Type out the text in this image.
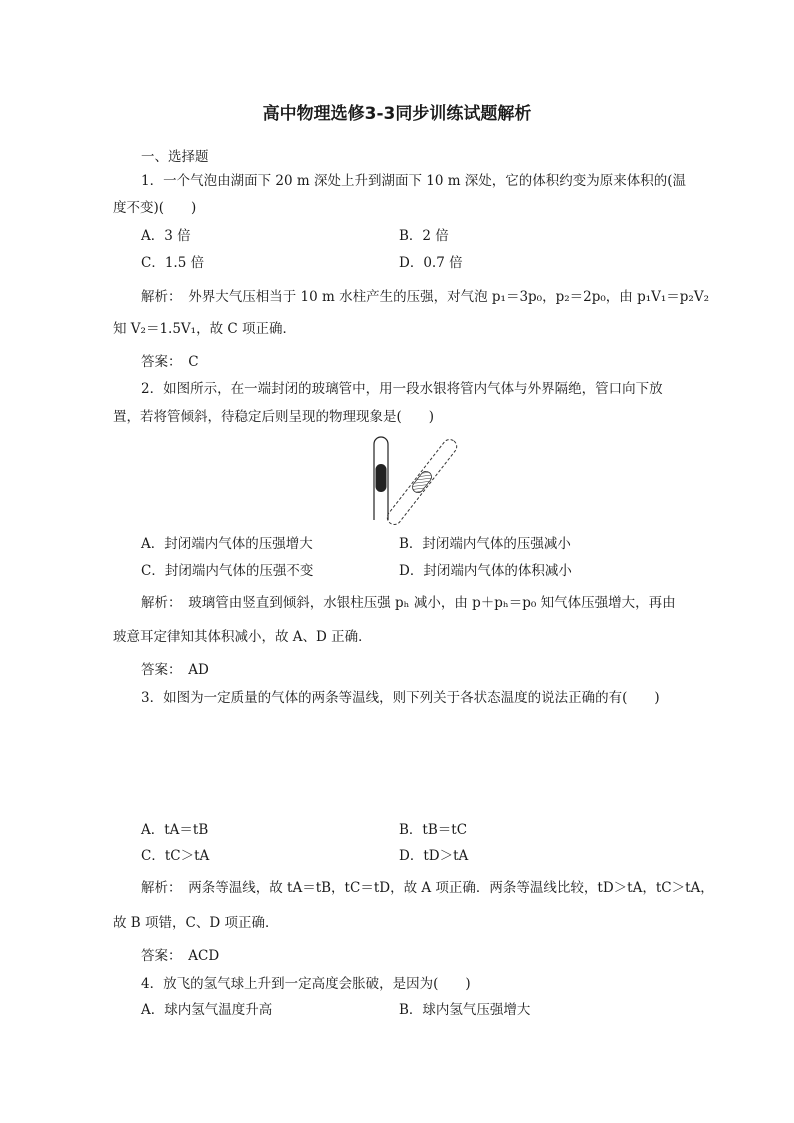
高中物理选修3-3同步训练试题解析
一、选择题
1．一个气泡由湖面下 20 m 深处上升到湖面下 10 m 深处，它的体积约变为原来体积的(温
度不变)(　　)
A．3 倍	B．2 倍
C．1.5 倍	D．0.7 倍
解析：　外界大气压相当于 10 m 水柱产生的压强，对气泡 p₁＝3p₀，p₂＝2p₀，由 p₁V₁＝p₂V₂
知 V₂＝1.5V₁，故 C 项正确．
答案：　C
2．如图所示，在一端封闭的玻璃管中，用一段水银将管内气体与外界隔绝，管口向下放
置，若将管倾斜，待稳定后则呈现的物理现象是(　　)
A．封闭端内气体的压强增大	B．封闭端内气体的压强减小
C．封闭端内气体的压强不变	D．封闭端内气体的体积减小
解析：　玻璃管由竖直到倾斜，水银柱压强 pₕ 减小，由 p＋pₕ＝p₀ 知气体压强增大，再由
玻意耳定律知其体积减小，故 A、D 正确．
答案：　AD
3．如图为一定质量的气体的两条等温线，则下列关于各状态温度的说法正确的有(　　)
A．tA＝tB	B．tB＝tC
C．tC＞tA	D．tD＞tA
解析：　两条等温线，故 tA＝tB，tC＝tD，故 A 项正确．两条等温线比较，tD＞tA，tC＞tA，
故 B 项错，C、D 项正确．
答案：　ACD
4．放飞的氢气球上升到一定高度会胀破，是因为(　　)
A．球内氢气温度升高	B．球内氢气压强增大
